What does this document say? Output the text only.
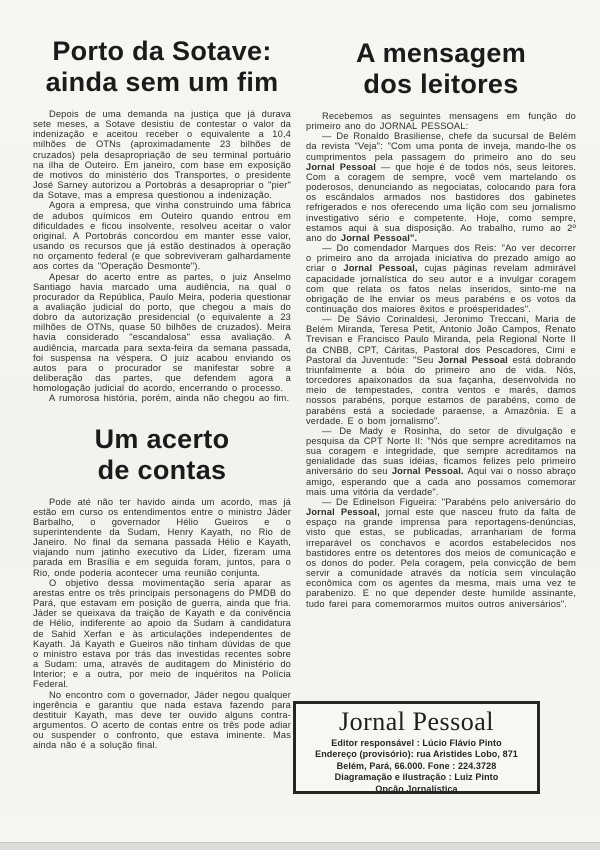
Porto da Sotave:
ainda sem um fim

Depois de uma demanda na justiça que já durava sete meses, a Sotave desistiu de contestar o valor da indenização e aceitou receber o equivalente a 10,4 milhões de OTNs (aproximadamente 23 bilhões de cruzados) pela desapropriação de seu terminal portuário na ilha de Outeiro. Em janeiro, com base em exposição de motivos do ministério dos Transportes, o presidente José Sarney autorizou a Portobrás a desapropriar o "pier" da Sotave, mas a empresa questionou a indenização.

Agora a empresa, que vinha construindo uma fábrica de adubos químicos em Outeiro quando entrou em dificuldades e ficou insolvente, resolveu aceitar o valor original. A Portobrás concordou em manter esse valor, usando os recursos que já estão destinados à operação no orçamento federal (e que sobreviveram galhardamente aos cortes da "Operação Desmonte").

Apesar do acerto entre as partes, o juiz Anselmo Santiago havia marcado uma audiência, na qual o procurador da República, Paulo Meira, poderia questionar a avaliação judicial do porto, que chegou a mais do dobro da autorização presidencial (o equivalente a 23 milhões de OTNs, quase 50 bilhões de cruzados). Meira havia considerado "escandalosa" essa avaliação. A audiência, marcada para sexta-feira da semana passada, foi suspensa na véspera. O juiz acabou enviando os autos para o procurador se manifestar sobre a deliberação das partes, que defendem agora a homologação judicial do acordo, encerrando o processo.

A rumorosa história, porém, ainda não chegou ao fim.

Um acerto
de contas

Pode até não ter havido ainda um acordo, mas já estão em curso os entendimentos entre o ministro Jáder Barbalho, o governador Hélio Gueiros e o superintendente da Sudam, Henry Kayath, no Rio de Janeiro. No final da semana passada Hélio e Kayath, viajando num jatinho executivo da Líder, fizeram uma parada em Brasília e em seguida foram, juntos, para o Rio, onde poderia acontecer uma reunião conjunta.

O objetivo dessa movimentação seria aparar as arestas entre os três principais personagens do PMDB do Pará, que estavam em posição de guerra, ainda que fria. Jáder se queixava da traição de Kayath e da conivência de Hélio, indiferente ao apoio da Sudam à candidatura de Sahid Xerfan e às articulações independentes de Kayath. Já Kayath e Gueiros não tinham dúvidas de que o ministro estava por trás das investidas recentes sobre a Sudam: uma, através de auditagem do Ministério do Interior; e a outra, por meio de inquéritos na Polícia Federal.

No encontro com o governador, Jáder negou qualquer ingerência e garantiu que nada estava fazendo para destituir Kayath, mas deve ter ouvido alguns contra-argumentos. O acerto de contas entre os três pode adiar ou suspender o confronto, que estava iminente. Mas ainda não é a solução final.

A mensagem
dos leitores

Recebemos as seguintes mensagens em função do primeiro ano do JORNAL PESSOAL:

— De Ronaldo Brasiliense, chefe da sucursal de Belém da revista "Veja": "Com uma ponta de inveja, mando-lhe os cumprimentos pela passagem do primeiro ano do seu Jornal Pessoal — que hoje é de todos nós, seus leitores. Com a coragem de sempre, você vem martelando os poderosos, denunciando as negociatas, colocando para fora os escândalos armados nos bastidores dos gabinetes refrigerados e nos oferecendo uma lição com seu jornalismo investigativo sério e competente. Hoje, como sempre, estamos aqui à sua disposição. Ao trabalho, rumo ao 2º ano do Jornal Pessoal".

— Do comendador Marques dos Reis: "Ao ver decorrer o primeiro ano da arrojada iniciativa do prezado amigo ao criar o Jornal Pessoal, cujas páginas revelam admirável capacidade jornalística do seu autor e a invulgar coragem com que relata os fatos nelas inseridos, sinto-me na obrigação de lhe enviar os meus parabéns e os votos da continuação dos maiores êxitos e proésperidades".

— De Sávio Corinaldesi, Jeronimo Treccani, Maria de Belém Miranda, Teresa Petit, Antonio João Campos, Renato Trevisan e Francisco Paulo Miranda, pela Regional Norte II da CNBB, CPT, Cáritas, Pastoral dos Pescadores, Cimi e Pastoral da Juventude: "Seu Jornal Pessoal está dobrando triunfalmente a bóia do primeiro ano de vida. Nós, torcedores apaixonados da sua façanha, desenvolvida no meio de tempestades, contra ventos e marés, damos nossos parabéns, porque estamos de parabéns, como de parabéns está a sociedade paraense, a Amazônia. E a verdade. E o bom jornalismo".

— De Mady e Rosinha, do setor de divulgação e pesquisa da CPT Norte II: "Nós que sempre acreditamos na sua coragem e integridade, que sempre acreditamos na genialidade das suas idéias, ficamos felizes pelo primeiro aniversário do seu Jornal Pessoal. Aqui vai o nosso abraço amigo, esperando que a cada ano possamos comemorar mais uma vitória da verdade".

— De Edinelson Figueira: "Parabéns pelo aniversário do Jornal Pessoal, jornal este que nasceu fruto da falta de espaço na grande imprensa para reportagens-denúncias, visto que estas, se publicadas, arranhariam de forma irreparável os conchavos e acordos estabelecidos nos bastidores entre os detentores dos meios de comunicação e os donos do poder. Pela coragem, pela convicção de bem servir a comunidade através da notícia sem vinculação econômica com os agentes da mesma, mais uma vez te parabenizo. E no que depender deste humilde assinante, tudo farei para comemorarmos muitos outros aniversários".

Jornal Pessoal

Editor responsável : Lúcio Flávio Pinto

Endereço (provisório): rua Aristides Lobo, 871

Belém, Pará, 66.000. Fone : 224.3728

Diagramação e ilustração : Luiz Pinto

Opção Jornalística
